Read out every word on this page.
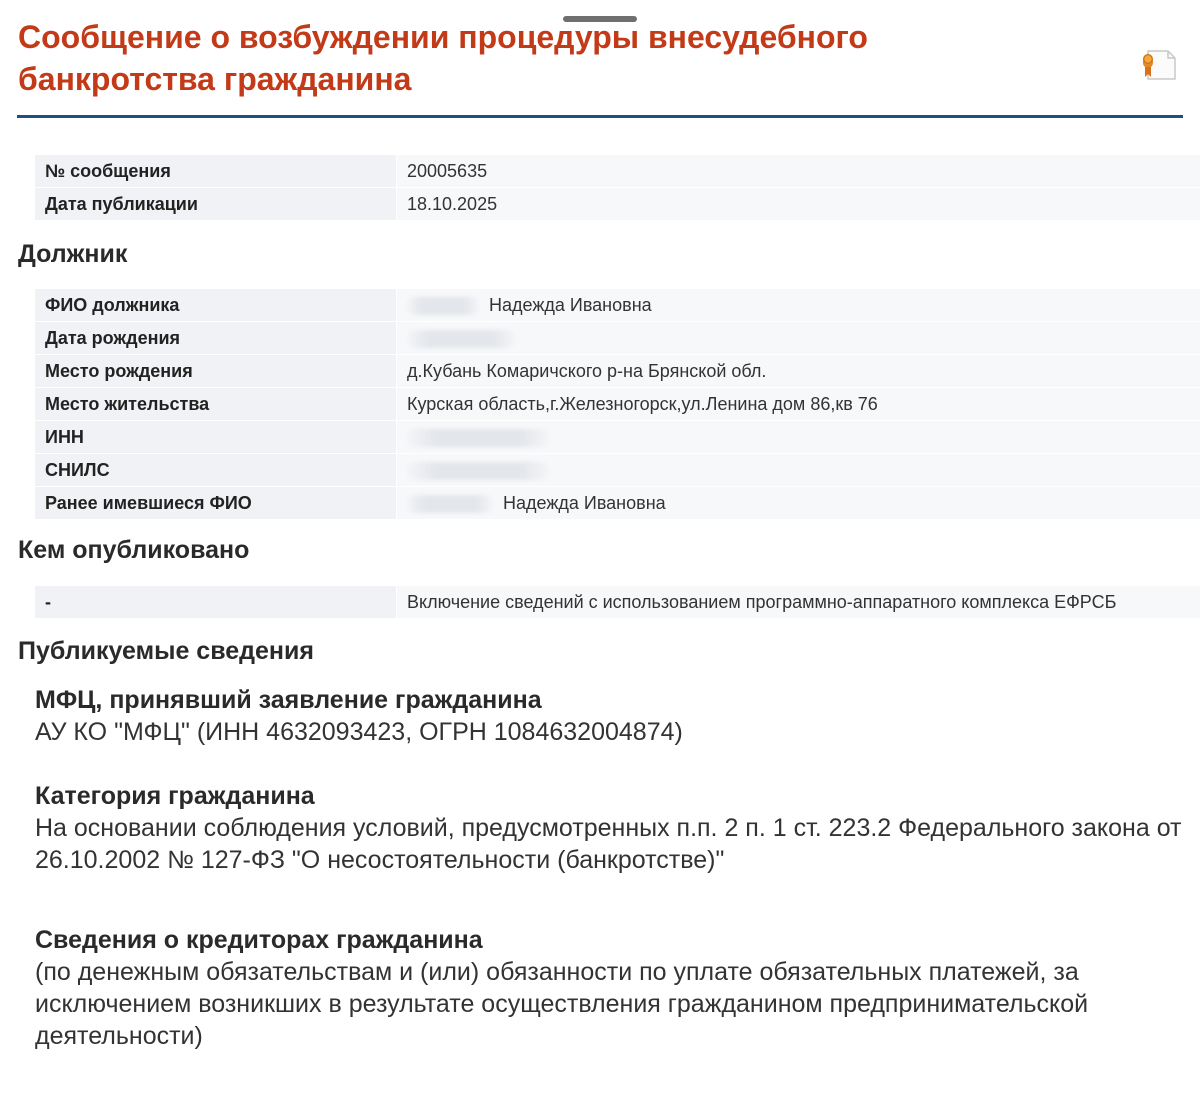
Сообщение о возбуждении процедуры внесудебного банкротства гражданина
№ сообщения	20005635
Дата публикации	18.10.2025
Должник
ФИО должника	Надежда Ивановна
Дата рождения	
Место рождения	д.Кубань Комаричского р-на Брянской обл.
Место жительства	Курская область,г.Железногорск,ул.Ленина дом 86,кв 76
ИНН	
СНИЛС	
Ранее имевшиеся ФИО	Надежда Ивановна
Кем опубликовано
-	Включение сведений с использованием программно-аппаратного комплекса ЕФРСБ
Публикуемые сведения

МФЦ, принявший заявление гражданина

АУ КО "МФЦ" (ИНН 4632093423, ОГРН 1084632004874)

Категория гражданина

На основании соблюдения условий, предусмотренных п.п. 2 п. 1 ст. 223.2 Федерального закона от 26.10.2002 № 127-ФЗ "О несостоятельности (банкротстве)"

Сведения о кредиторах гражданина

(по денежным обязательствам и (или) обязанности по уплате обязательных платежей, за исключением возникших в результате осуществления гражданином предпринимательской деятельности)
